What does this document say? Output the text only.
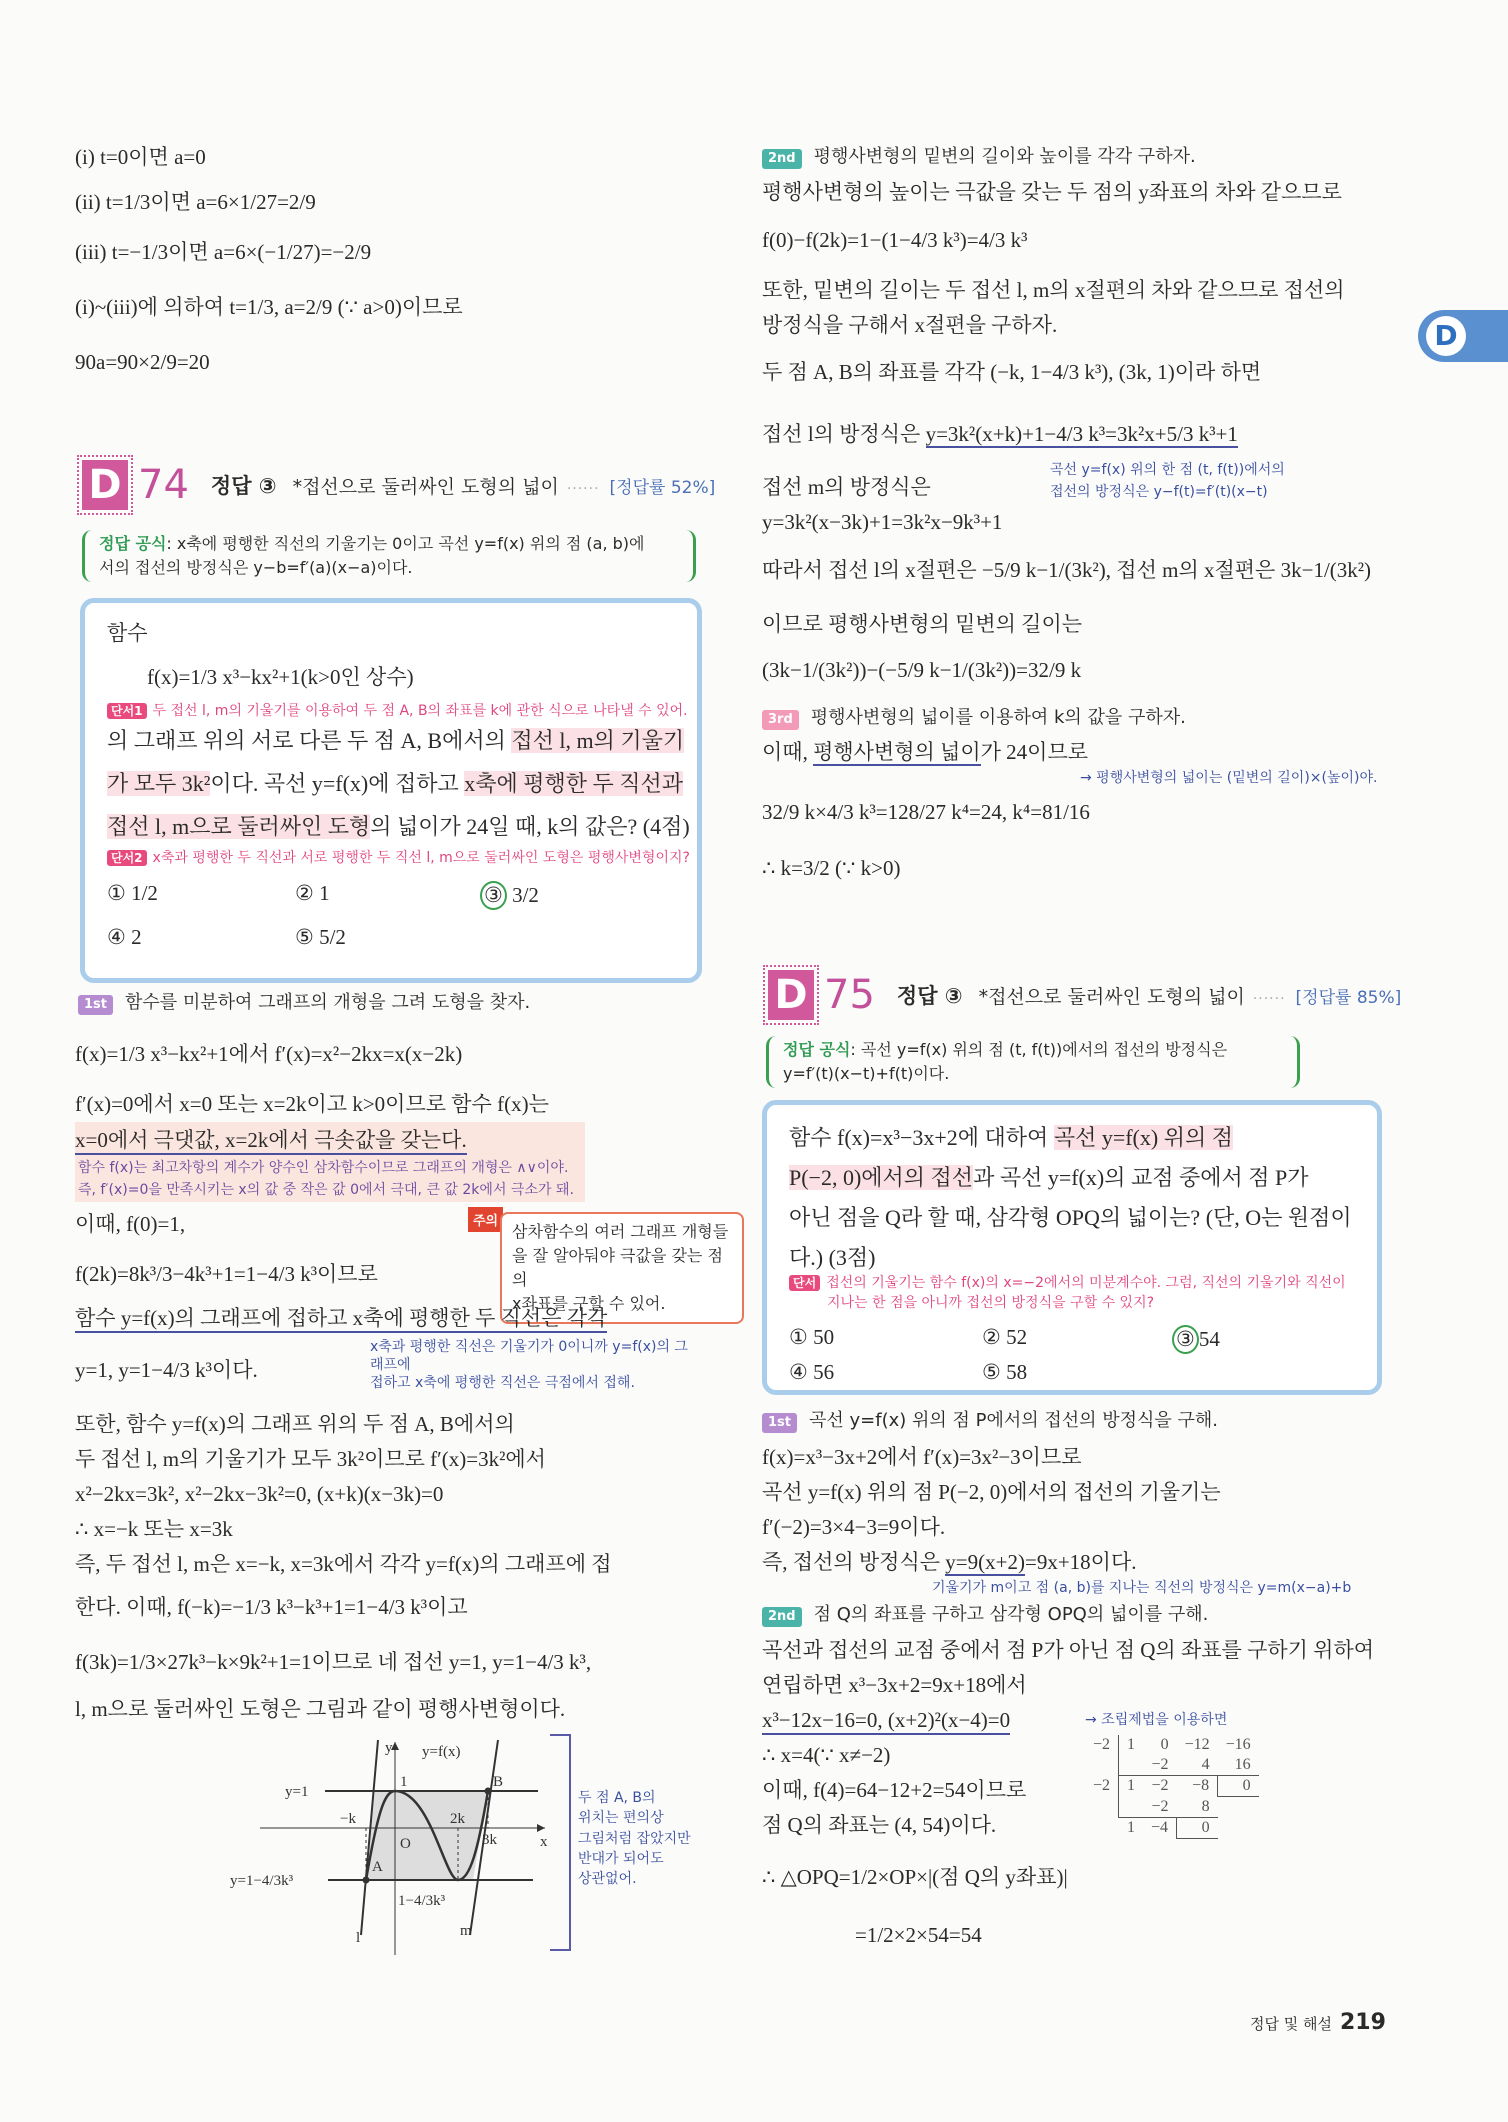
D
(i) t=0이면 a=0
(ii) t=1/3이면 a=6×1/27=2/9
(iii) t=−1/3이면 a=6×(−1/27)=−2/9
(i)~(iii)에 의하여 t=1/3, a=2/9 (∵ a>0)이므로
90a=90×2/9=20
D 74 정답 ③ *접선으로 둘러싸인 도형의 넓이 ...... [정답률 52%]
정답 공식: x축에 평행한 직선의 기울기는 0이고 곡선 y=f(x) 위의 점 (a, b)에
서의 접선의 방정식은 y−b=f′(a)(x−a)이다.
함수
f(x)=1/3 x³−kx²+1(k>0인 상수)
단서1 두 접선 l, m의 기울기를 이용하여 두 점 A, B의 좌표를 k에 관한 식으로 나타낼 수 있어.
의 그래프 위의 서로 다른 두 점 A, B에서의 접선 l, m의 기울기
가 모두 3k²이다. 곡선 y=f(x)에 접하고 x축에 평행한 두 직선과
접선 l, m으로 둘러싸인 도형의 넓이가 24일 때, k의 값은? (4점)
단서2 x축과 평행한 두 직선과 서로 평행한 두 직선 l, m으로 둘러싸인 도형은 평행사변형이지?
① 1/2	② 1	③ 3/2
④ 2	⑤ 5/2
1st 함수를 미분하여 그래프의 개형을 그려 도형을 찾자.
f(x)=1/3 x³−kx²+1에서 f′(x)=x²−2kx=x(x−2k)
f′(x)=0에서 x=0 또는 x=2k이고 k>0이므로 함수 f(x)는
x=0에서 극댓값, x=2k에서 극솟값을 갖는다.
함수 f(x)는 최고차항의 계수가 양수인 삼차함수이므로 그래프의 개형은 ∧∨이야.
즉, f′(x)=0을 만족시키는 x의 값 중 작은 값 0에서 극대, 큰 값 2k에서 극소가 돼.
이때, f(0)=1,
f(2k)=8k³/3−4k³+1=1−4/3 k³이므로
주의
삼차함수의 여러 그래프 개형들
을 잘 알아둬야 극값을 갖는 점의
x좌표를 구할 수 있어.
함수 y=f(x)의 그래프에 접하고 x축에 평행한 두 직선은 각각
y=1, y=1−4/3 k³이다.
x축과 평행한 직선은 기울기가 0이니까 y=f(x)의 그래프에
접하고 x축에 평행한 직선은 극점에서 접해.
또한, 함수 y=f(x)의 그래프 위의 두 점 A, B에서의
두 접선 l, m의 기울기가 모두 3k²이므로 f′(x)=3k²에서
x²−2kx=3k², x²−2kx−3k²=0, (x+k)(x−3k)=0
∴ x=−k 또는 x=3k
즉, 두 접선 l, m은 x=−k, x=3k에서 각각 y=f(x)의 그래프에 접
한다. 이때, f(−k)=−1/3 k³−k³+1=1−4/3 k³이고
f(3k)=1/3×27k³−k×9k²+1=1이므로 네 접선 y=1, y=1−4/3 k³,
l, m으로 둘러싸인 도형은 그림과 같이 평행사변형이다.
y
x
y=f(x)
1
y=1
−k	2k
3k
O
A
B
y=1−4/3k³
1−4/3k³
l	m
두 점 A, B의
위치는 편의상
그림처럼 잡았지만
반대가 되어도
상관없어.
2nd 평행사변형의 밑변의 길이와 높이를 각각 구하자.
평행사변형의 높이는 극값을 갖는 두 점의 y좌표의 차와 같으므로
f(0)−f(2k)=1−(1−4/3 k³)=4/3 k³
또한, 밑변의 길이는 두 접선 l, m의 x절편의 차와 같으므로 접선의
방정식을 구해서 x절편을 구하자.
두 점 A, B의 좌표를 각각 (−k, 1−4/3 k³), (3k, 1)이라 하면
접선 l의 방정식은 y=3k²(x+k)+1−4/3 k³=3k²x+5/3 k³+1
곡선 y=f(x) 위의 한 점 (t, f(t))에서의
접선의 방정식은 y−f(t)=f′(t)(x−t)
접선 m의 방정식은
y=3k²(x−3k)+1=3k²x−9k³+1
따라서 접선 l의 x절편은 −5/9 k−1/(3k²), 접선 m의 x절편은 3k−1/(3k²)
이므로 평행사변형의 밑변의 길이는
(3k−1/(3k²))−(−5/9 k−1/(3k²))=32/9 k
3rd 평행사변형의 넓이를 이용하여 k의 값을 구하자.
이때, 평행사변형의 넓이가 24이므로
→ 평행사변형의 넓이는 (밑변의 길이)×(높이)야.
32/9 k×4/3 k³=128/27 k⁴=24, k⁴=81/16
∴ k=3/2 (∵ k>0)
D 75 정답 ③ *접선으로 둘러싸인 도형의 넓이 ...... [정답률 85%]
정답 공식: 곡선 y=f(x) 위의 점 (t, f(t))에서의 접선의 방정식은
y=f′(t)(x−t)+f(t)이다.
함수 f(x)=x³−3x+2에 대하여 곡선 y=f(x) 위의 점
P(−2, 0)에서의 접선과 곡선 y=f(x)의 교점 중에서 점 P가
아닌 점을 Q라 할 때, 삼각형 OPQ의 넓이는? (단, O는 원점이
다.) (3점)
단서 접선의 기울기는 함수 f(x)의 x=−2에서의 미분계수야. 그럼, 직선의 기울기와 직선이
지나는 한 점을 아니까 접선의 방정식을 구할 수 있지?
① 50	② 52	③ 54
④ 56	⑤ 58
1st 곡선 y=f(x) 위의 점 P에서의 접선의 방정식을 구해.
f(x)=x³−3x+2에서 f′(x)=3x²−3이므로
곡선 y=f(x) 위의 점 P(−2, 0)에서의 접선의 기울기는
f′(−2)=3×4−3=9이다.
즉, 접선의 방정식은 y=9(x+2)=9x+18이다.
기울기가 m이고 점 (a, b)를 지나는 직선의 방정식은 y=m(x−a)+b
2nd 점 Q의 좌표를 구하고 삼각형 OPQ의 넓이를 구해.
곡선과 접선의 교점 중에서 점 P가 아닌 점 Q의 좌표를 구하기 위하여
연립하면 x³−3x+2=9x+18에서
x³−12x−16=0, (x+2)²(x−4)=0
∴ x=4(∵ x≠−2)
이때, f(4)=64−12+2=54이므로
점 Q의 좌표는 (4, 54)이다.
∴ △OPQ=1/2×OP×|(점 Q의 y좌표)|
=1/2×2×54=54
→ 조립제법을 이용하면
−2	1	0	−12	−16
		−2	4	16
−2	1	−2	−8	0
		−2	8	
	1	−4	0	
정답 및 해설 219
